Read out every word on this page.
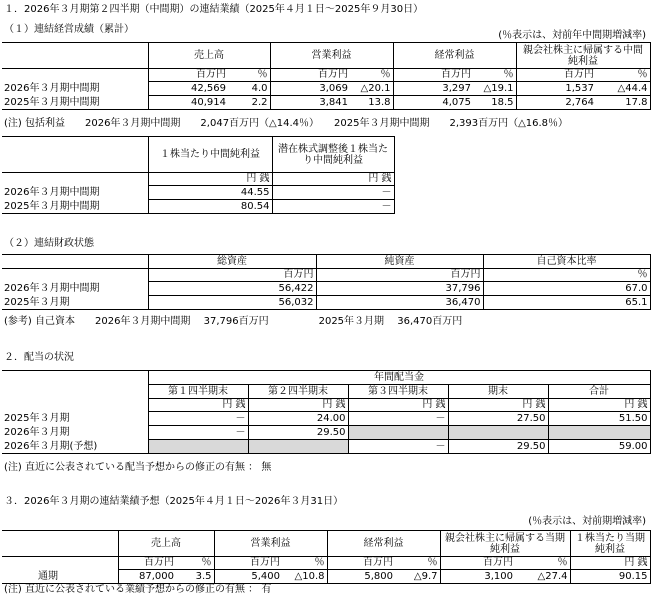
１．2026年３月期第２四半期（中間期）の連結業績（2025年４月１日～2025年９月30日）
（１）連結経営成績（累計）
(％表示は、対前年中間期増減率)
	売上高		営業利益		経常利益		親会社株主に帰属する中間純利益	
	百万円	％	百万円	％	百万円	％	百万円	％
2026年３月期中間期	42,569	4.0	3,069	△20.1	3,297	△19.1	1,537	△44.4
2025年３月期中間期	40,914	2.2	3,841	13.8	4,075	18.5	2,764	17.8
(注) 包括利益　　2026年３月期中間期　　2,047百万円（△14.4％）　　2025年３月期中間期　　2,393百万円（△16.8％）
	１株当たり中間純利益	潜在株式調整後１株当たり中間純利益
	円 銭	円 銭
2026年３月期中間期	44.55	－
2025年３月期中間期	80.54	－
（２）連結財政状態
	総資産	純資産	自己資本比率
	百万円	百万円	％
2026年３月期中間期	56,422	37,796	67.0
2025年３月期	56,032	36,470	65.1
(参考) 自己資本　　2026年３月期中間期　 37,796百万円　　　　　2025年３月期　 36,470百万円
２．配当の状況
	年間配当金				
	第１四半期末	第２四半期末	第３四半期末	期末	合計
	円 銭	円 銭	円 銭	円 銭	円 銭
2025年３月期	－	24.00	－	27.50	51.50
2026年３月期	－	29.50			
2026年３月期(予想)			－	29.50	59.00
(注) 直近に公表されている配当予想からの修正の有無 ： 無
３．2026年３月期の連結業績予想（2025年４月１日～2026年３月31日）
(％表示は、対前期増減率)
	売上高		営業利益		経常利益		親会社株主に帰属する当期純利益		１株当たり当期純利益
	百万円	％	百万円	％	百万円	％	百万円	％	円 銭
通期	87,000	3.5	5,400	△10.8	5,800	△9.7	3,100	△27.4	90.15
(注) 直近に公表されている業績予想からの修正の有無 ： 有
